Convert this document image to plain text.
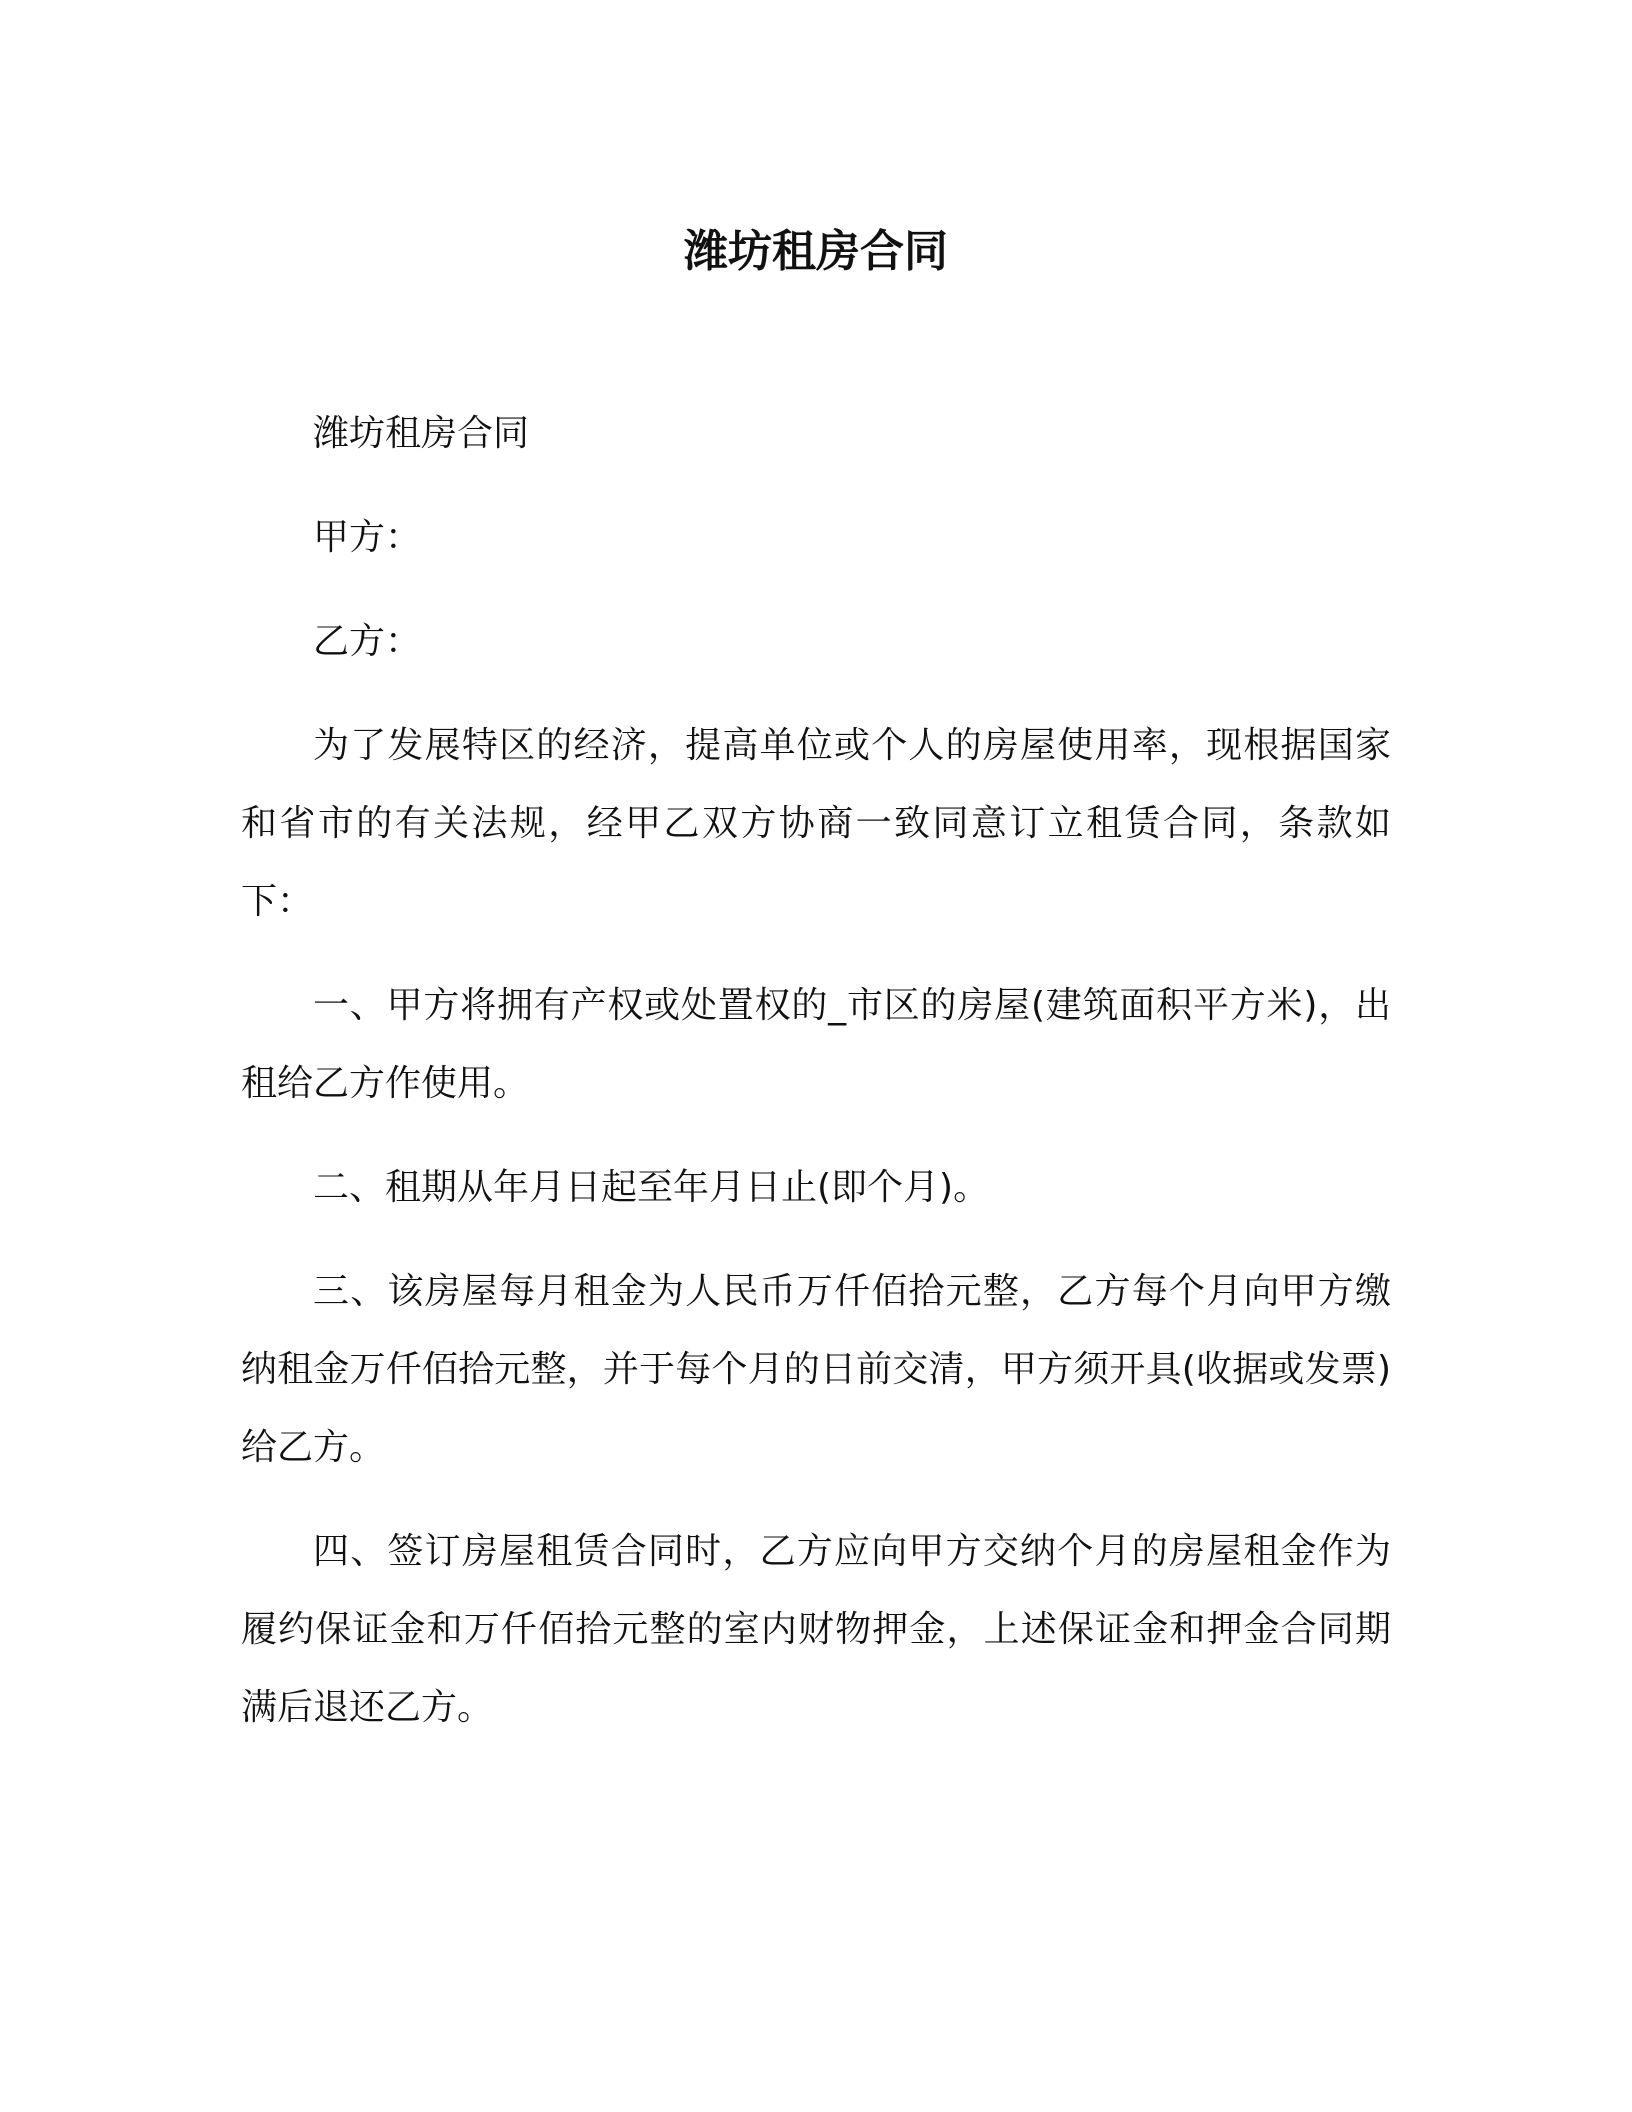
潍坊租房合同

潍坊租房合同

甲方：

乙方：

为了发展特区的经济，提高单位或个人的房屋使用率，现根据国家和省市的有关法规，经甲乙双方协商一致同意订立租赁合同，条款如下：

一、甲方将拥有产权或处置权的_市区的房屋(建筑面积平方米)，出租给乙方作使用。

二、租期从年月日起至年月日止(即个月)。

三、该房屋每月租金为人民币万仟佰拾元整，乙方每个月向甲方缴纳租金万仟佰拾元整，并于每个月的日前交清，甲方须开具(收据或发票)给乙方。

四、签订房屋租赁合同时，乙方应向甲方交纳个月的房屋租金作为履约保证金和万仟佰拾元整的室内财物押金，上述保证金和押金合同期满后退还乙方。
